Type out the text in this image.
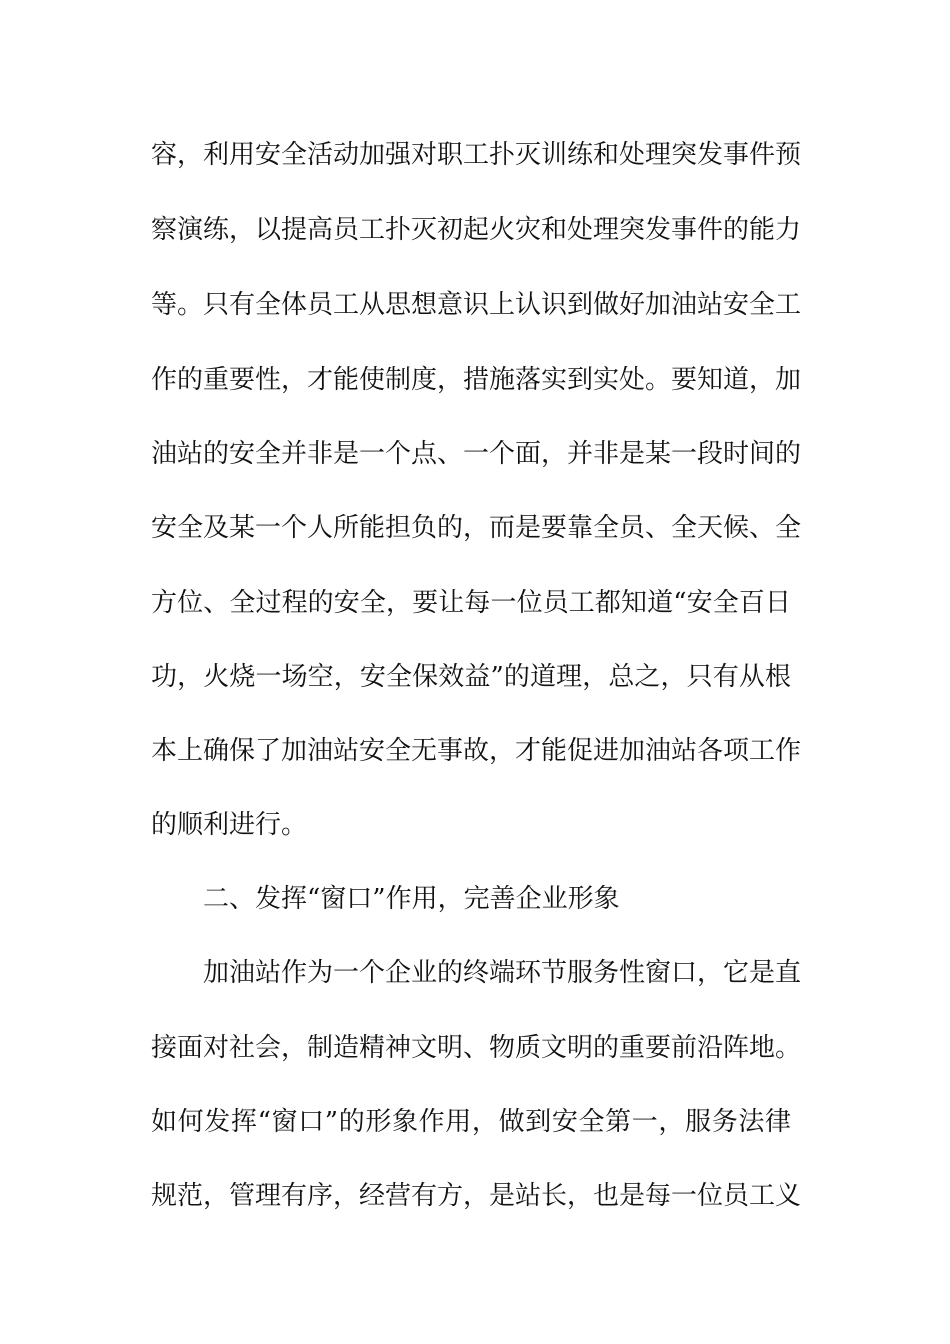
容，利用安全活动加强对职工扑灭训练和处理突发事件预
察演练，以提高员工扑灭初起火灾和处理突发事件的能力
等。只有全体员工从思想意识上认识到做好加油站安全工
作的重要性，才能使制度，措施落实到实处。要知道，加
油站的安全并非是一个点、一个面，并非是某一段时间的
安全及某一个人所能担负的，而是要靠全员、全天候、全
方位、全过程的安全，要让每一位员工都知道“安全百日
功，火烧一场空，安全保效益”的道理，总之，只有从根
本上确保了加油站安全无事故，才能促进加油站各项工作
的顺利进行。
二、发挥“窗口”作用，完善企业形象
加油站作为一个企业的终端环节服务性窗口，它是直
接面对社会，制造精神文明、物质文明的重要前沿阵地。
如何发挥“窗口”的形象作用，做到安全第一，服务法律
规范，管理有序，经营有方，是站长，也是每一位员工义
